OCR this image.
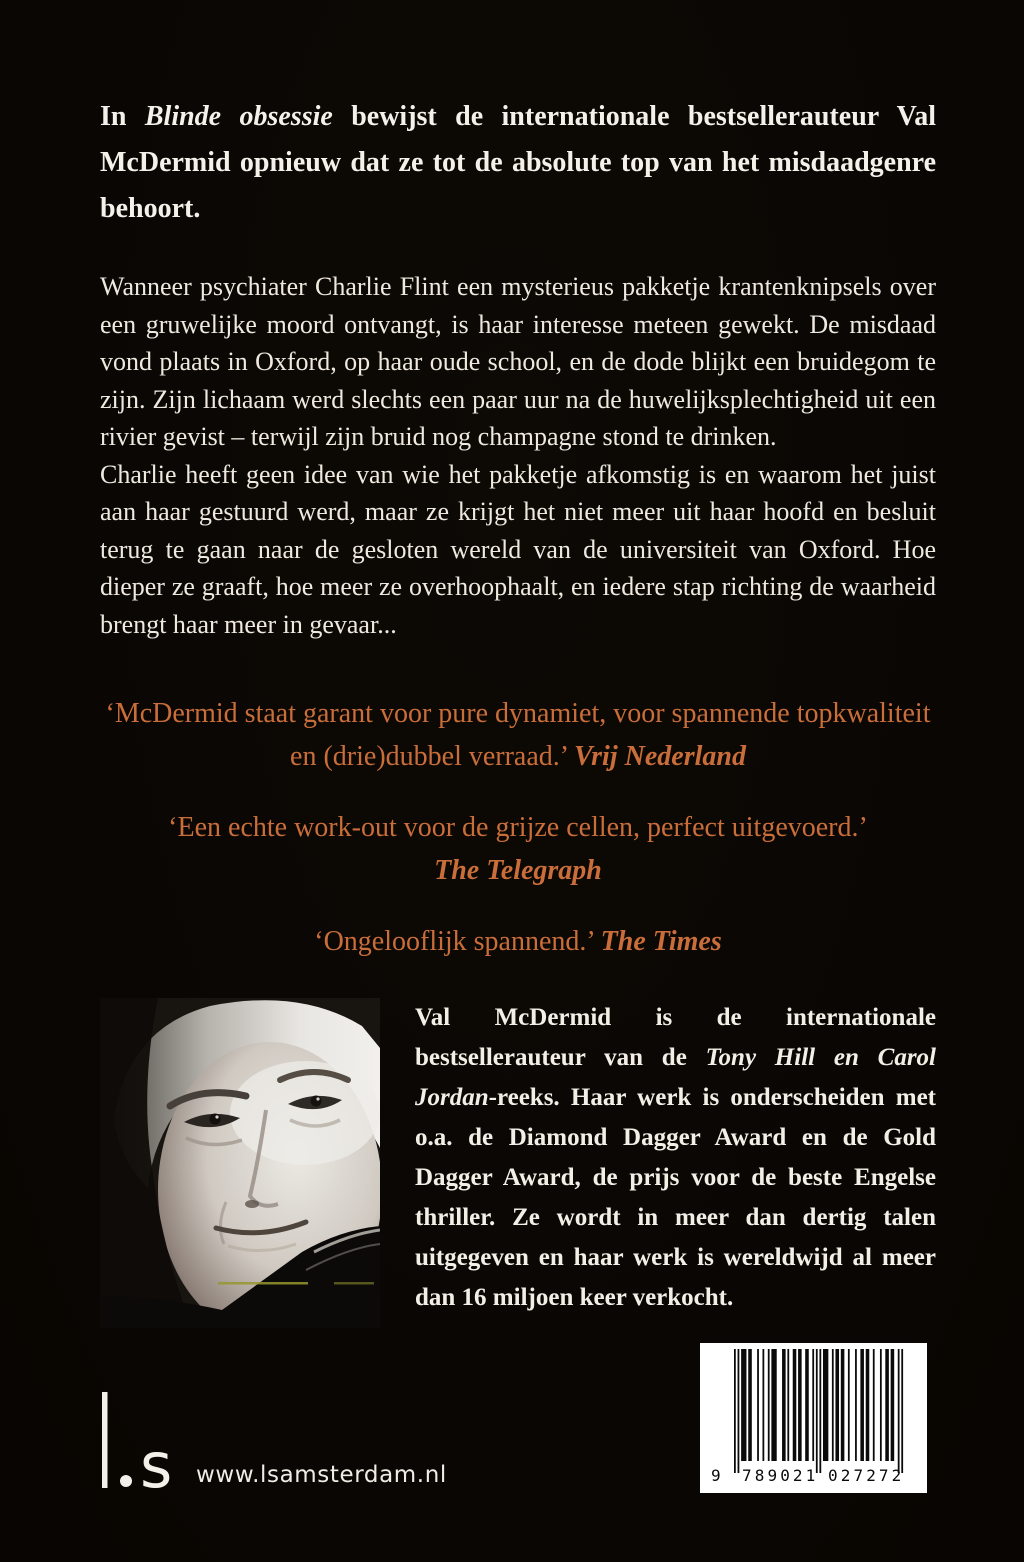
In Blinde obsessie bewijst de internationale bestsellerauteur Val McDermid opnieuw dat ze tot de absolute top van het misdaadgenre behoort.

Wanneer psychiater Charlie Flint een mysterieus pakketje krantenknipsels over een gruwelijke moord ontvangt, is haar interesse meteen gewekt. De misdaad vond plaats in Oxford, op haar oude school, en de dode blijkt een bruidegom te zijn. Zijn lichaam werd slechts een paar uur na de huwelijksplechtigheid uit een rivier gevist – terwijl zijn bruid nog champagne stond te drinken.

Charlie heeft geen idee van wie het pakketje afkomstig is en waarom het juist aan haar gestuurd werd, maar ze krijgt het niet meer uit haar hoofd en besluit terug te gaan naar de gesloten wereld van de universiteit van Oxford. Hoe dieper ze graaft, hoe meer ze overhoophaalt, en iedere stap richting de waarheid brengt haar meer in gevaar...

‘McDermid staat garant voor pure dynamiet, voor spannende topkwaliteit en (drie)dubbel verraad.’ Vrij Nederland

‘Een echte work-out voor de grijze cellen, perfect uitgevoerd.’
The Telegraph

‘Ongelooflijk spannend.’ The Times

Val McDermid is de internationale bestsellerauteur van de Tony Hill en Carol Jordan-reeks. Haar werk is onderscheiden met o.a. de Diamond Dagger Award en de Gold Dagger Award, de prijs voor de beste Engelse thriller. Ze wordt in meer dan dertig talen uitgegeven en haar werk is wereldwijd al meer dan 16 miljoen keer verkocht.

s www.lsamsterdam.nl	9 789021 027272
